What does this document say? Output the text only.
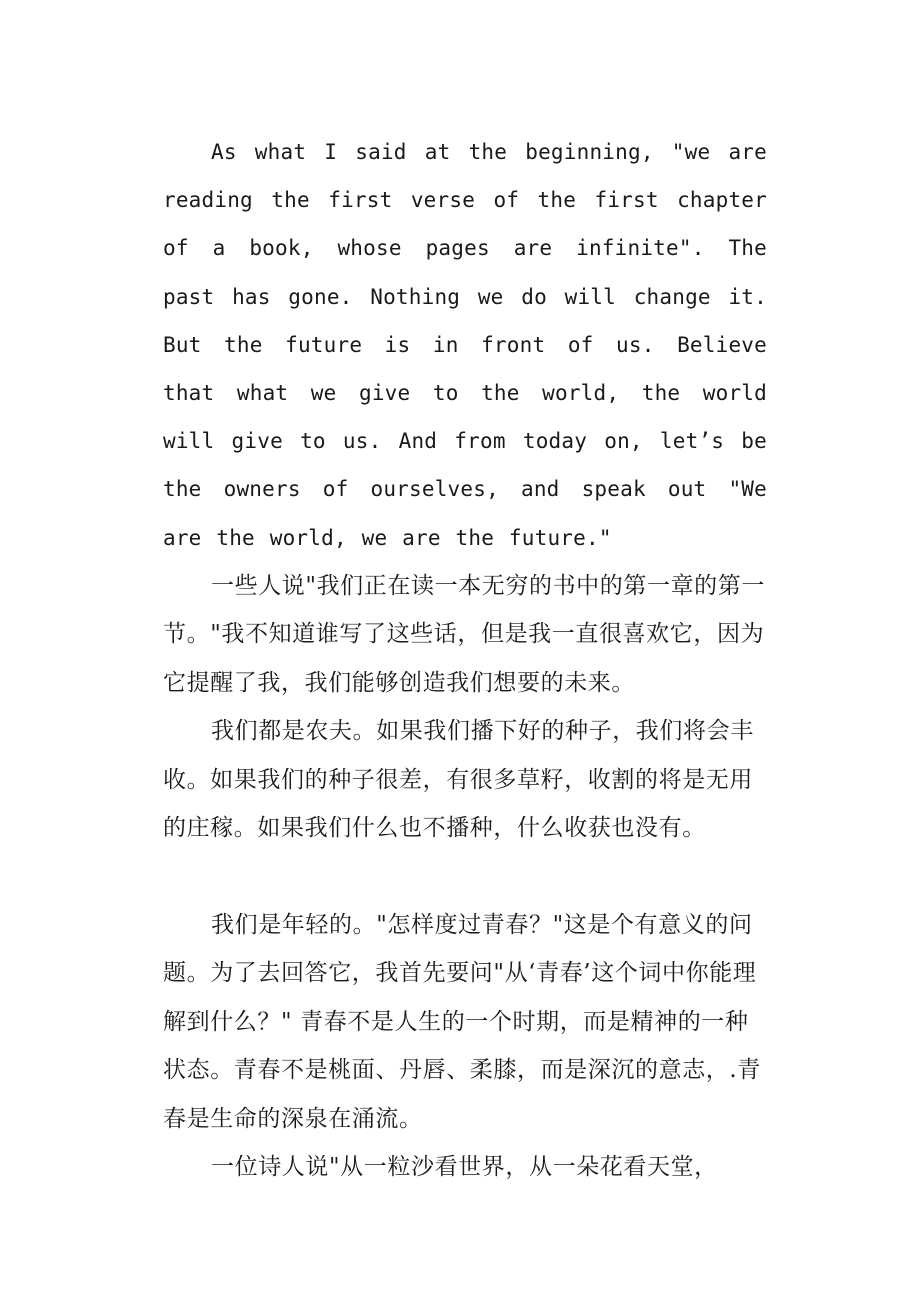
As what I said at the beginning, "we are reading the first verse of the first chapter of a book, whose pages are infinite". The past has gone. Nothing we do will change it. But the future is in front of us. Believe that what we give to the world, the world will give to us. And from today on, let’s be the owners of ourselves, and speak out "We are the world, we are the future."

一些人说"我们正在读一本无穷的书中的第一章的第一节。"我不知道谁写了这些话，但是我一直很喜欢它，因为它提醒了我，我们能够创造我们想要的未来。

我们都是农夫。如果我们播下好的种子，我们将会丰收。如果我们的种子很差，有很多草籽，收割的将是无用的庄稼。如果我们什么也不播种，什么收获也没有。

我们是年轻的。"怎样度过青春？"这是个有意义的问题。为了去回答它，我首先要问"从‘青春’这个词中你能理解到什么？" 青春不是人生的一个时期，而是精神的一种状态。青春不是桃面、丹唇、柔膝，而是深沉的意志，.青春是生命的深泉在涌流。

一位诗人说"从一粒沙看世界，从一朵花看天堂，
